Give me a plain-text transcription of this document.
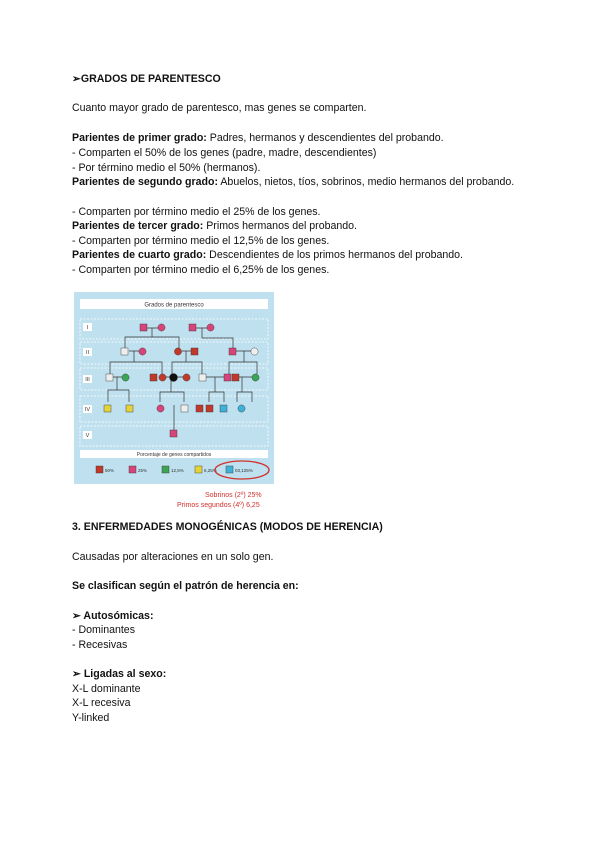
➢GRADOS DE PARENTESCO
Cuanto mayor grado de parentesco, mas genes se comparten.
Parientes de primer grado: Padres, hermanos y descendientes del probando.
- Comparten el 50% de los genes (padre, madre, descendientes)
- Por término medio el 50% (hermanos).
Parientes de segundo grado: Abuelos, nietos, tíos, sobrinos, medio hermanos del probando.
- Comparten por término medio el 25% de los genes.
Parientes de tercer grado: Primos hermanos del probando.
- Comparten por término medio el 12,5% de los genes.
Parientes de cuarto grado: Descendientes de los primos hermanos del probando.
- Comparten por término medio el 6,25% de los genes.
Grados de parentesco
I
II
III
IV
V
Porcentaje de genes compartidos
50%	25%	12,5%	6,25%	03,125%
Sobrinos (2º) 25%
Primos segundos (4º) 6,25
3. ENFERMEDADES MONOGÉNICAS (MODOS DE HERENCIA)
Causadas por alteraciones en un solo gen.
Se clasifican según el patrón de herencia en:
➢ Autosómicas:
- Dominantes
- Recesivas
➢ Ligadas al sexo:
X-L dominante
X-L recesiva
Y-linked
